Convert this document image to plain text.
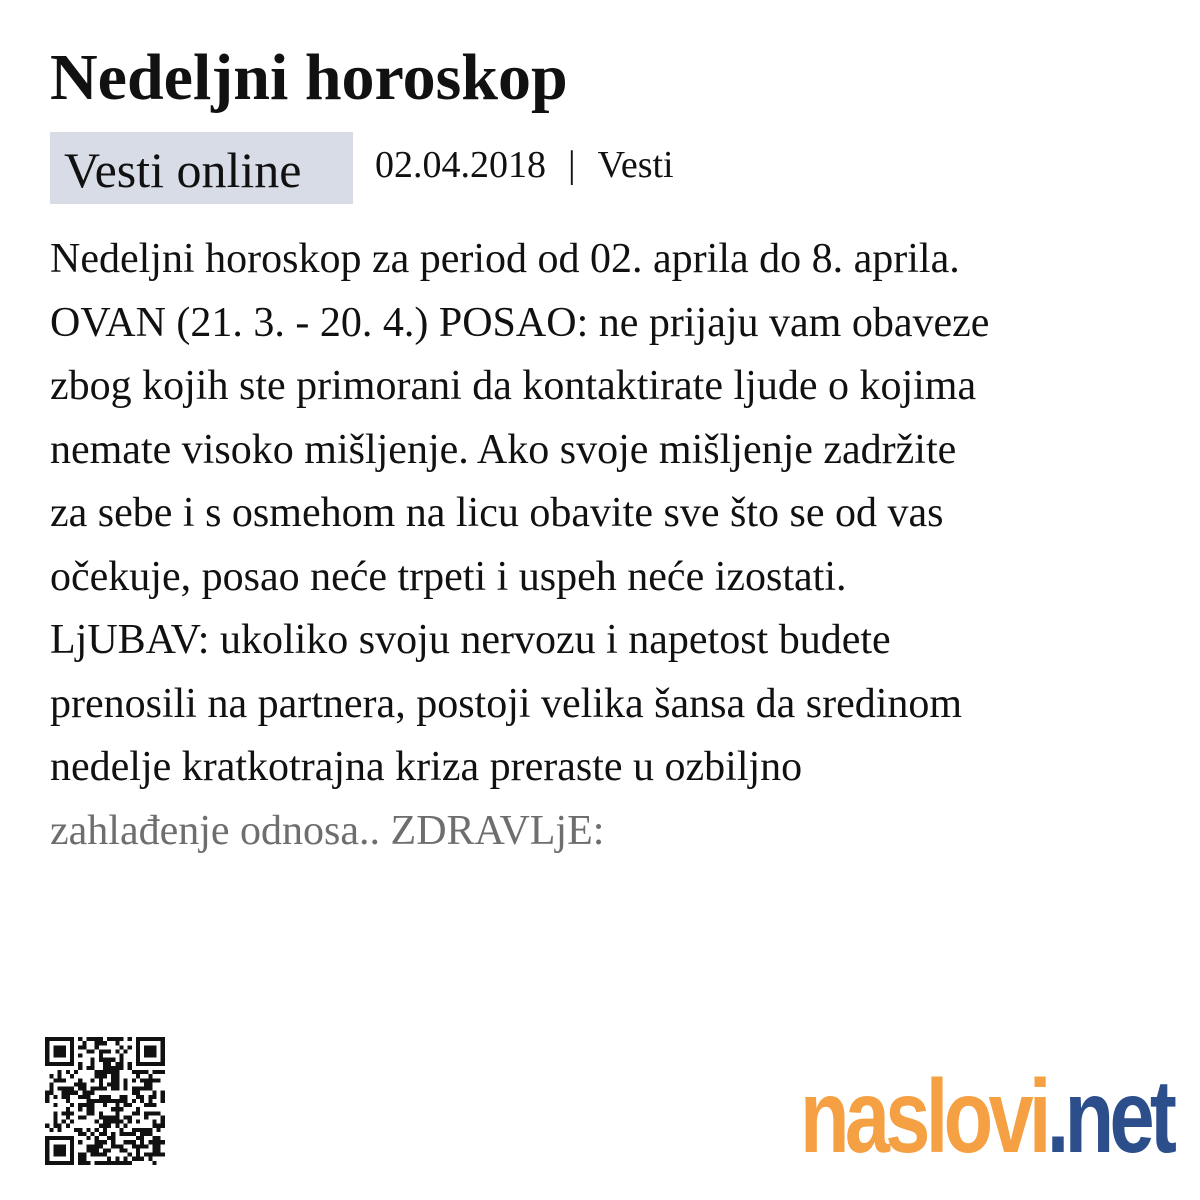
Nedeljni horoskop
Vesti online	02.04.2018 | Vesti
Nedeljni horoskop za period od 02. aprila do 8. aprila.
OVAN (21. 3. - 20. 4.) POSAO: ne prijaju vam obaveze
zbog kojih ste primorani da kontaktirate ljude o kojima
nemate visoko mišljenje. Ako svoje mišljenje zadržite
za sebe i s osmehom na licu obavite sve što se od vas
očekuje, posao neće trpeti i uspeh neće izostati.
LjUBAV: ukoliko svoju nervozu i napetost budete
prenosili na partnera, postoji velika šansa da sredinom
nedelje kratkotrajna kriza preraste u ozbiljno
zahlađenje odnosa.. ZDRAVLjE:
naslovi.net
